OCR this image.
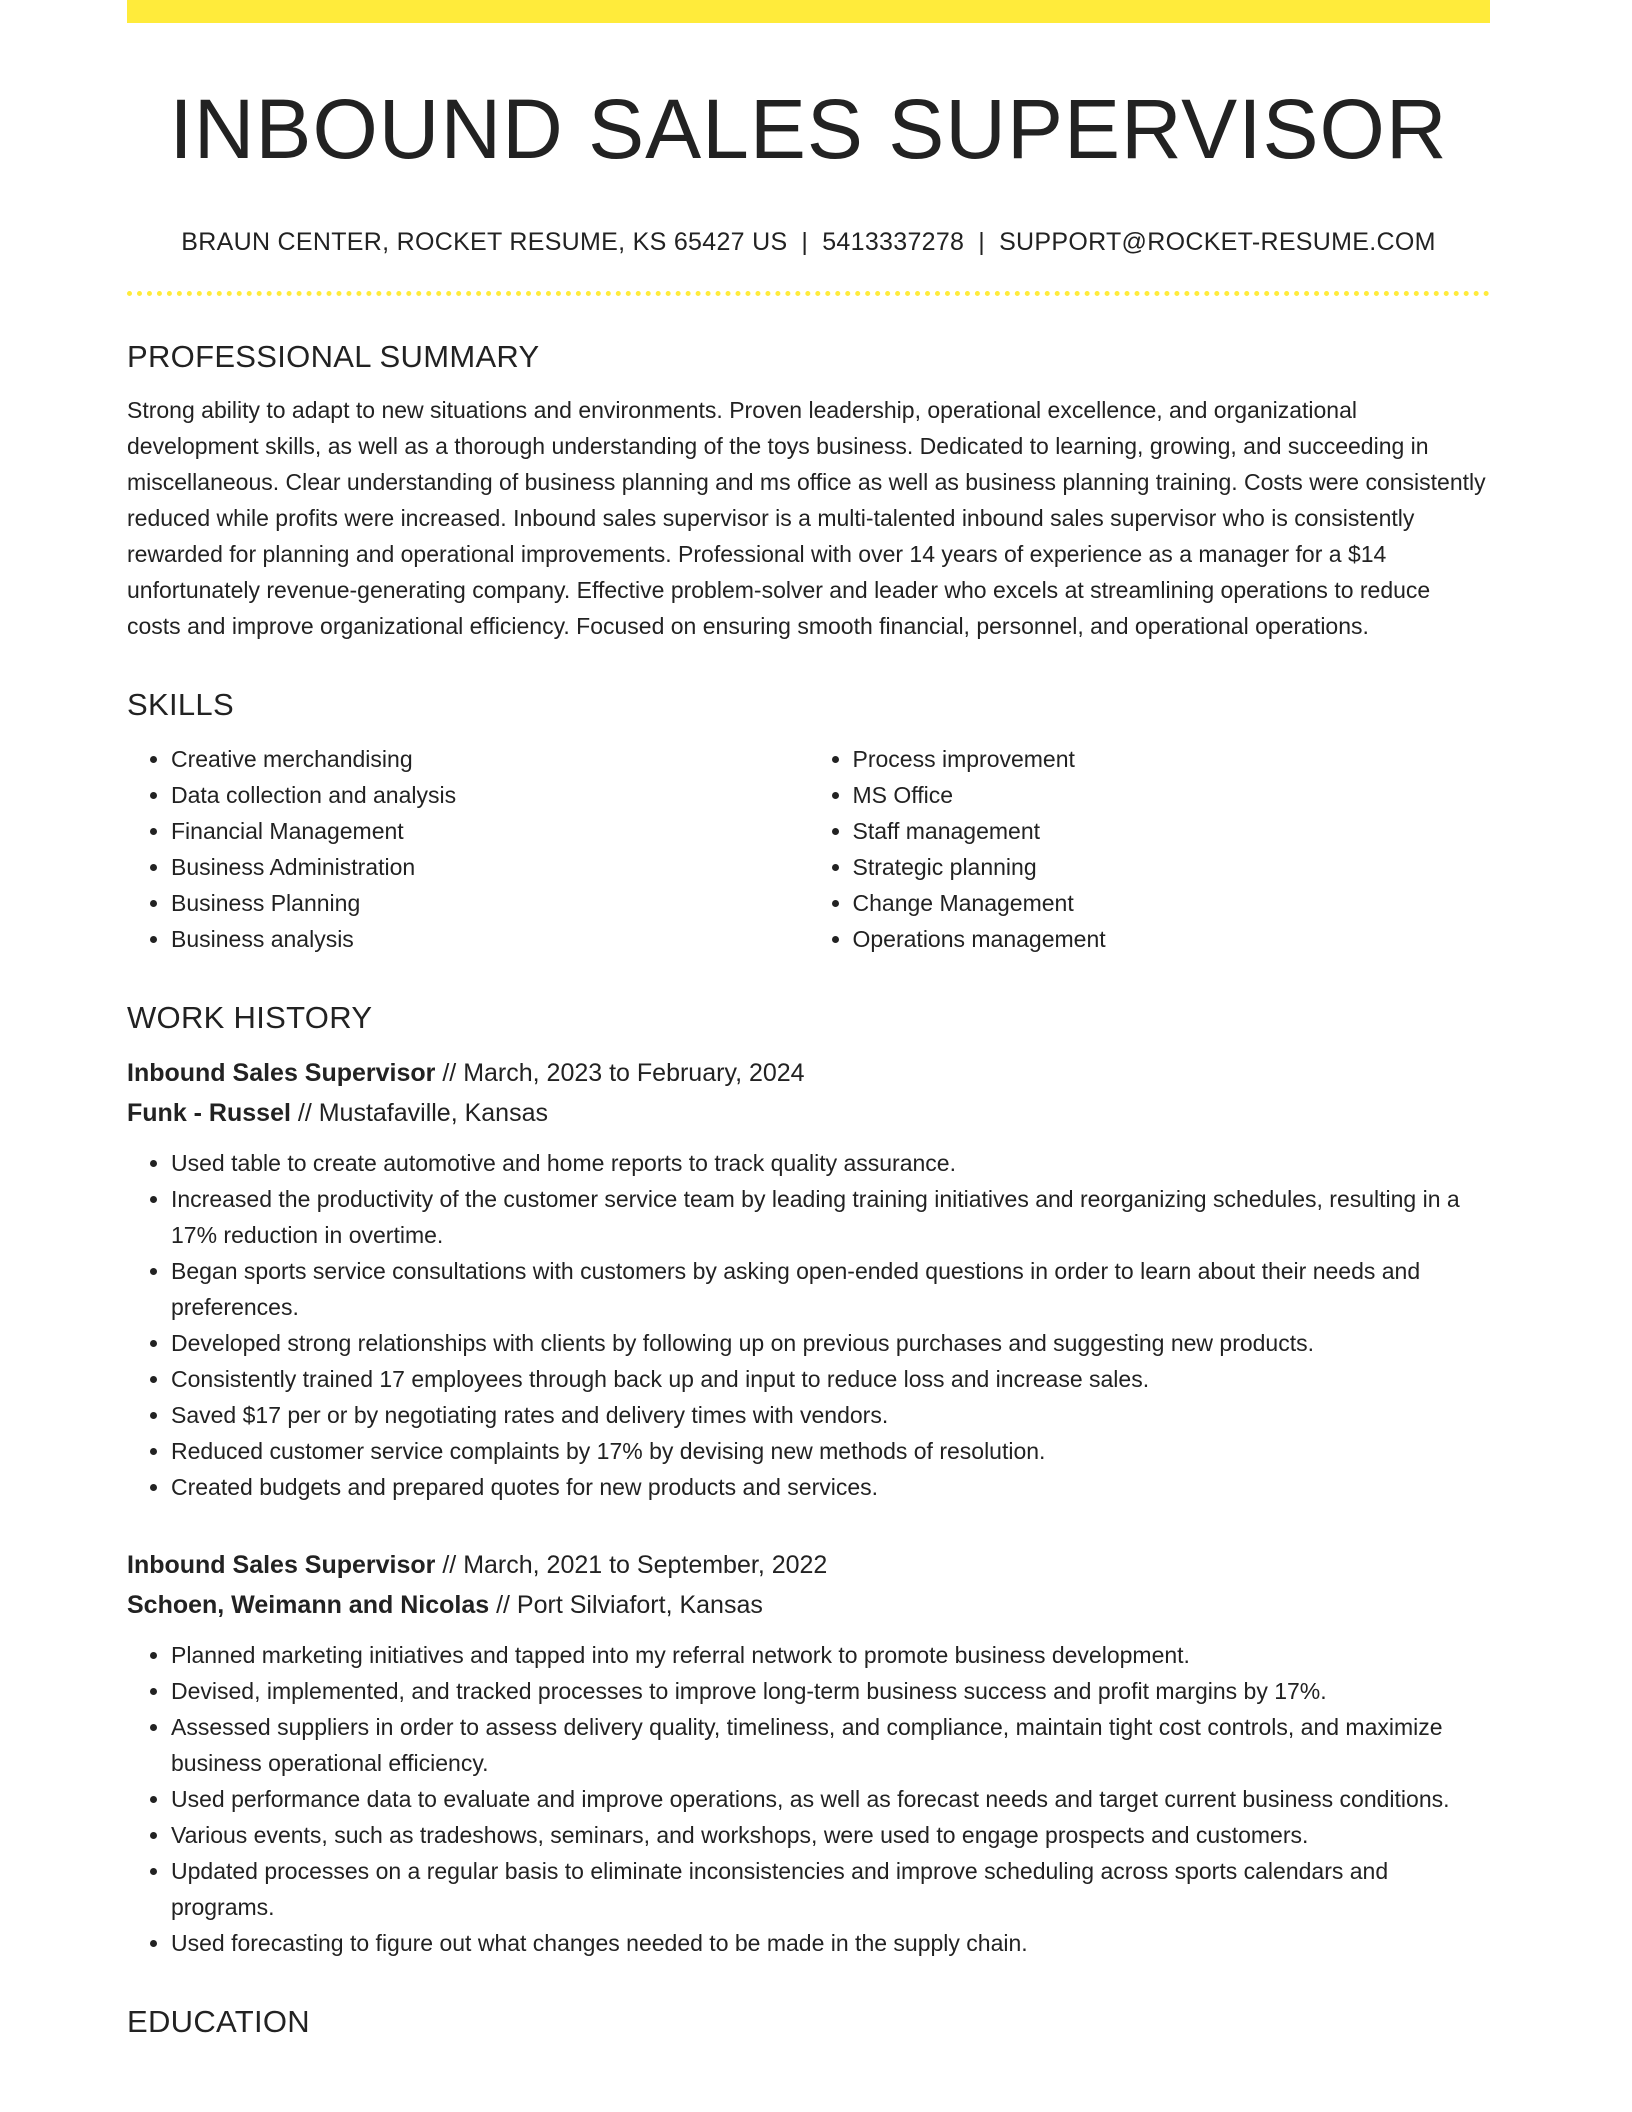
INBOUND SALES SUPERVISOR
BRAUN CENTER, ROCKET RESUME, KS 65427 US | 5413337278 | SUPPORT@ROCKET-RESUME.COM
PROFESSIONAL SUMMARY

Strong ability to adapt to new situations and environments. Proven leadership, operational excellence, and organizational development skills, as well as a thorough understanding of the toys business. Dedicated to learning, growing, and succeeding in miscellaneous. Clear understanding of business planning and ms office as well as business planning training. Costs were consistently reduced while profits were increased. Inbound sales supervisor is a multi-talented inbound sales supervisor who is consistently rewarded for planning and operational improvements. Professional with over 14 years of experience as a manager for a $14 unfortunately revenue-generating company. Effective problem-solver and leader who excels at streamlining operations to reduce costs and improve organizational efficiency. Focused on ensuring smooth financial, personnel, and operational operations.

SKILLS
• Creative merchandising
• Data collection and analysis
• Financial Management
• Business Administration
• Business Planning
• Business analysis
• Process improvement
• MS Office
• Staff management
• Strategic planning
• Change Management
• Operations management
WORK HISTORY
Inbound Sales Supervisor // March, 2023 to February, 2024
Funk - Russel // Mustafaville, Kansas
• Used table to create automotive and home reports to track quality assurance.
• Increased the productivity of the customer service team by leading training initiatives and reorganizing schedules, resulting in a 17% reduction in overtime.
• Began sports service consultations with customers by asking open-ended questions in order to learn about their needs and preferences.
• Developed strong relationships with clients by following up on previous purchases and suggesting new products.
• Consistently trained 17 employees through back up and input to reduce loss and increase sales.
• Saved $17 per or by negotiating rates and delivery times with vendors.
• Reduced customer service complaints by 17% by devising new methods of resolution.
• Created budgets and prepared quotes for new products and services.
Inbound Sales Supervisor // March, 2021 to September, 2022
Schoen, Weimann and Nicolas // Port Silviafort, Kansas
• Planned marketing initiatives and tapped into my referral network to promote business development.
• Devised, implemented, and tracked processes to improve long-term business success and profit margins by 17%.
• Assessed suppliers in order to assess delivery quality, timeliness, and compliance, maintain tight cost controls, and maximize business operational efficiency.
• Used performance data to evaluate and improve operations, as well as forecast needs and target current business conditions.
• Various events, such as tradeshows, seminars, and workshops, were used to engage prospects and customers.
• Updated processes on a regular basis to eliminate inconsistencies and improve scheduling across sports calendars and programs.
• Used forecasting to figure out what changes needed to be made in the supply chain.
EDUCATION
